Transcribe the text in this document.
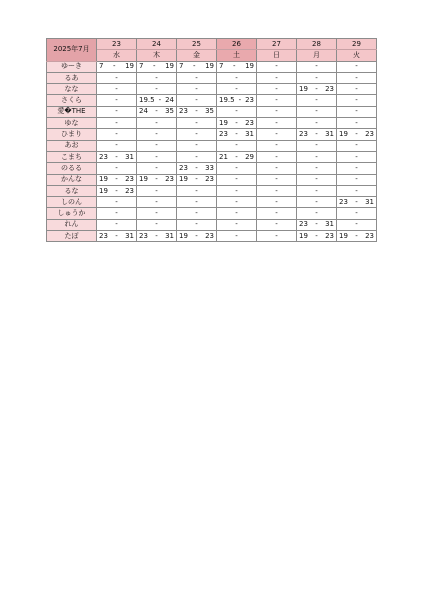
2025年7月	23	24	25	26	27	28	29
	水	木	金	土	日	月	火
ゆーき	7 - 19	7 - 19	7 - 19	7 - 19	-	-	-
るあ	-	-	-	-	-	-	-
なな	-	-	-	-	-	19 - 23	-
さくら	-	19.5 - 24	-	19.5 - 23	-	-	-
愛�THE	-	24 - 35	23 - 35	-	-	-	-
ゆな	-	-	-	19 - 23	-	-	-
ひまり	-	-	-	23 - 31	-	23 - 31	19 - 23

あお	-	-	-	-	-	-	-
こまち	23 - 31	-	-	21 - 29	-	-	-
のるる	-	-	23 - 33	-	-	-	-
かんな	19 - 23	19 - 23	19 - 23	-	-	-	-
るな	19 - 23	-	-	-	-	-	-
しのん	-	-	-	-	-	-	23 - 31

しゅうか	-	-	-	-	-	-	-
れん	-	-	-	-	-	23 - 31	-
たぽ	23 - 31	23 - 31	19 - 23	-	-	19 - 23	19 - 23
